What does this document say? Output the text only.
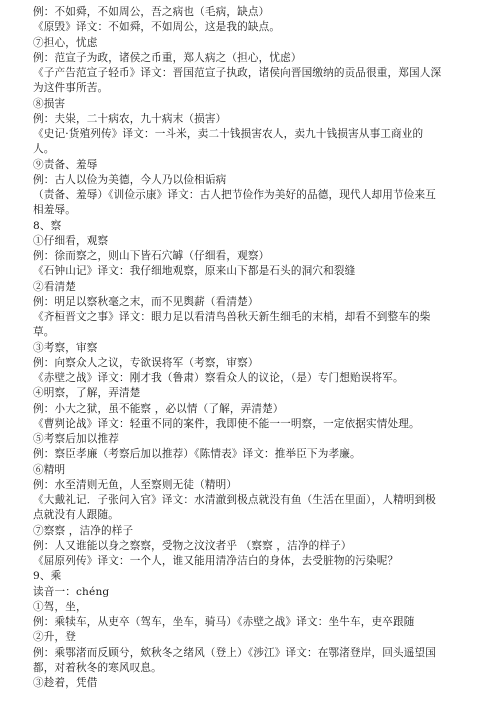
例：不如舜，不如周公，吾之病也（毛病，缺点）

《原毁》译文：不如舜，不如周公，这是我的缺点。

⑦担心，忧虑

例：范宣子为政，诸侯之币重，郑人病之（担心，忧虑）

《子产告范宣子轻币》译文：晋国范宣子执政，诸侯向晋国缴纳的贡品很重，郑国人深为这件事所苦。

⑧损害

例：夫粜，二十病农，九十病末（损害）

《史记·货殖列传》译文：一斗米，卖二十钱损害农人，卖九十钱损害从事工商业的人。

⑨责备、羞辱

例：古人以俭为美德，今人乃以俭相诟病

（责备、羞辱）《训俭示康》译文：古人把节俭作为美好的品德，现代人却用节俭来互相羞辱。

8、察

①仔细看，观察

例：徐而察之，则山下皆石穴罅（仔细看，观察）

《石钟山记》译文：我仔细地观察，原来山下都是石头的洞穴和裂缝

②看清楚

例：明足以察秋毫之末，而不见舆薪（看清楚）

《齐桓晋文之事》译文：眼力足以看清鸟兽秋天新生细毛的末梢，却看不到整车的柴草。

③考察，审察

例：向察众人之议，专欲误将军（考察，审察）

《赤壁之战》译文：刚才我（鲁肃）察看众人的议论，（是）专门想贻误将军。

④明察，了解，弄清楚

例：小大之狱，虽不能察 ，必以情（了解，弄清楚）

《曹刿论战》译文：轻重不同的案件，我即使不能一一明察，一定依据实情处理。

⑤考察后加以推荐

例：察臣孝廉（考察后加以推荐）《陈情表》译文：推举臣下为孝廉。

⑥精明

例：水至清则无鱼，人至察则无徒（精明）

《大戴礼记．子张问入官》译文：水清澈到极点就没有鱼（生活在里面），人精明到极点就没有人跟随。

⑦察察 ，洁净的样子

例：人又谁能以身之察察，受物之汶汶者乎 （察察 ，洁净的样子）

《屈原列传》译文：一个人，谁又能用清净洁白的身体，去受脏物的污染呢？

9、乘

读音一：chéng

①驾，坐，

例：乘犊车，从吏卒（驾车，坐车，骑马）《赤壁之战》译文：坐牛车，吏卒跟随

②升，登

例：乘鄂渚而反顾兮，欸秋冬之绪风（登上）《涉江》译文：在鄂渚登岸，回头遥望国都，对着秋冬的寒风叹息。

③趁着，凭借
